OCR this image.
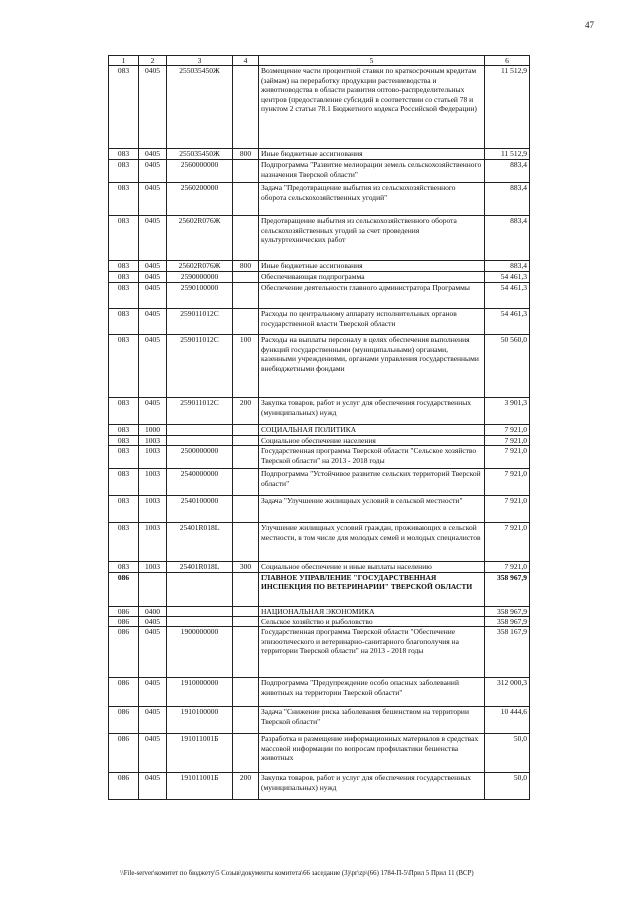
47
1	2	3	4	5	6
083	0405	255035450Ж		Возмещение части процентной ставки по краткосрочным кредитам (займам) на переработку продукции растениеводства и животноводства в области развития оптово-распределительных центров (предоставление субсидий в соответствии со статьей 78 и пунктом 2 статьи 78.1 Бюджетного кодекса Российской Федерации)	11 512,9
083	0405	255035450Ж	800	Иные бюджетные ассигнования	11 512,9
083	0405	2560000000		Подпрограмма "Развитие мелиорации земель сельскохозяйственного назначения Тверской области"	883,4
083	0405	2560200000		Задача "Предотвращение выбытия из сельскохозяйственного оборота сельскохозяйственных угодий"	883,4
083	0405	25602R076Ж		Предотвращение выбытия из сельскохозяйственного оборота сельскохозяйственных угодий за счет проведения культуртехнических работ	883,4
083	0405	25602R076Ж	800	Иные бюджетные ассигнования	883,4
083	0405	2590000000		Обеспечивающая подпрограмма	54 461,3
083	0405	2590100000		Обеспечение деятельности главного администратора Программы	54 461,3
083	0405	259011012С		Расходы по центральному аппарату исполнительных органов государственной власти Тверской области	54 461,3
083	0405	259011012С	100	Расходы на выплаты персоналу в целях обеспечения выполнения функций государственными (муниципальными) органами, казенными учреждениями, органами управления государственными внебюджетными фондами	50 560,0
083	0405	259011012С	200	Закупка товаров, работ и услуг для обеспечения государственных (муниципальных) нужд	3 901,3
083	1000			СОЦИАЛЬНАЯ ПОЛИТИКА	7 921,0
083	1003			Социальное обеспечение населения	7 921,0
083	1003	2500000000		Государственная программа Тверской области "Сельское хозяйство Тверской области" на 2013 - 2018 годы	7 921,0
083	1003	2540000000		Подпрограмма "Устойчивое развитие сельских территорий Тверской области"	7 921,0
083	1003	2540100000		Задача "Улучшение жилищных условий в сельской местности"	7 921,0
083	1003	25401R018L		Улучшение жилищных условий граждан, проживающих в сельской местности, в том числе для молодых семей и молодых специалистов	7 921,0
083	1003	25401R018L	300	Социальное обеспечение и иные выплаты населению	7 921,0
086				ГЛАВНОЕ УПРАВЛЕНИЕ "ГОСУДАРСТВЕННАЯ ИНСПЕКЦИЯ ПО ВЕТЕРИНАРИИ" ТВЕРСКОЙ ОБЛАСТИ	358 967,9
086	0400			НАЦИОНАЛЬНАЯ ЭКОНОМИКА	358 967,9
086	0405			Сельское хозяйство и рыболовство	358 967,9
086	0405	1900000000		Государственная программа Тверской области "Обеспечение эпизоотического и ветеринарно-санитарного благополучия на территории Тверской области" на 2013 - 2018 годы	358 167,9
086	0405	1910000000		Подпрограмма "Предупреждение особо опасных заболеваний животных на территории Тверской области"	312 000,3
086	0405	1910100000		Задача "Снижение риска заболевания бешенством на территории Тверской области"	10 444,6
086	0405	191011001Б		Разработка и размещение информационных материалов в средствах массовой информации по вопросам профилактики бешенства животных	50,0
086	0405	191011001Б	200	Закупка товаров, работ и услуг для обеспечения государственных (муниципальных) нужд	50,0
\\File-server\комитет по бюджету\5 Созыв\документы комитета\66 заседание (3)\pr\zp\(66) 1784-П-5\Прил 5 Прил 11 (ВСР)
